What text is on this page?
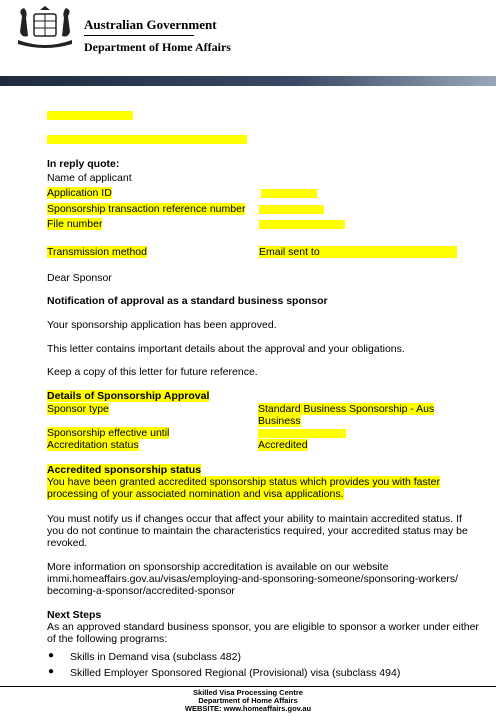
Australian Government
Department of Home Affairs
In reply quote:
Name of applicant
Application ID
Sponsorship transaction reference number
File number
Transmission method	Email sent to
Dear Sponsor
Notification of approval as a standard business sponsor
Your sponsorship application has been approved.
This letter contains important details about the approval and your obligations.
Keep a copy of this letter for future reference.
Details of Sponsorship Approval
Sponsor type	Standard Business Sponsorship - Aus
Business
Sponsorship effective until
Accreditation status	Accredited
Accredited sponsorship status
You have been granted accredited sponsorship status which provides you with faster
processing of your associated nomination and visa applications.
You must notify us if changes occur that affect your ability to maintain accredited status. If
you do not continue to maintain the characteristics required, your accredited status may be
revoked.
More information on sponsorship accreditation is available on our website
immi.homeaffairs.gov.au/visas/employing-and-sponsoring-someone/sponsoring-workers/
becoming-a-sponsor/accredited-sponsor
Next Steps
As an approved standard business sponsor, you are eligible to sponsor a worker under either
of the following programs:
● Skills in Demand visa (subclass 482)
● Skilled Employer Sponsored Regional (Provisional) visa (subclass 494)
Skilled Visa Processing Centre
Department of Home Affairs
WEBSITE: www.homeaffairs.gov.au
